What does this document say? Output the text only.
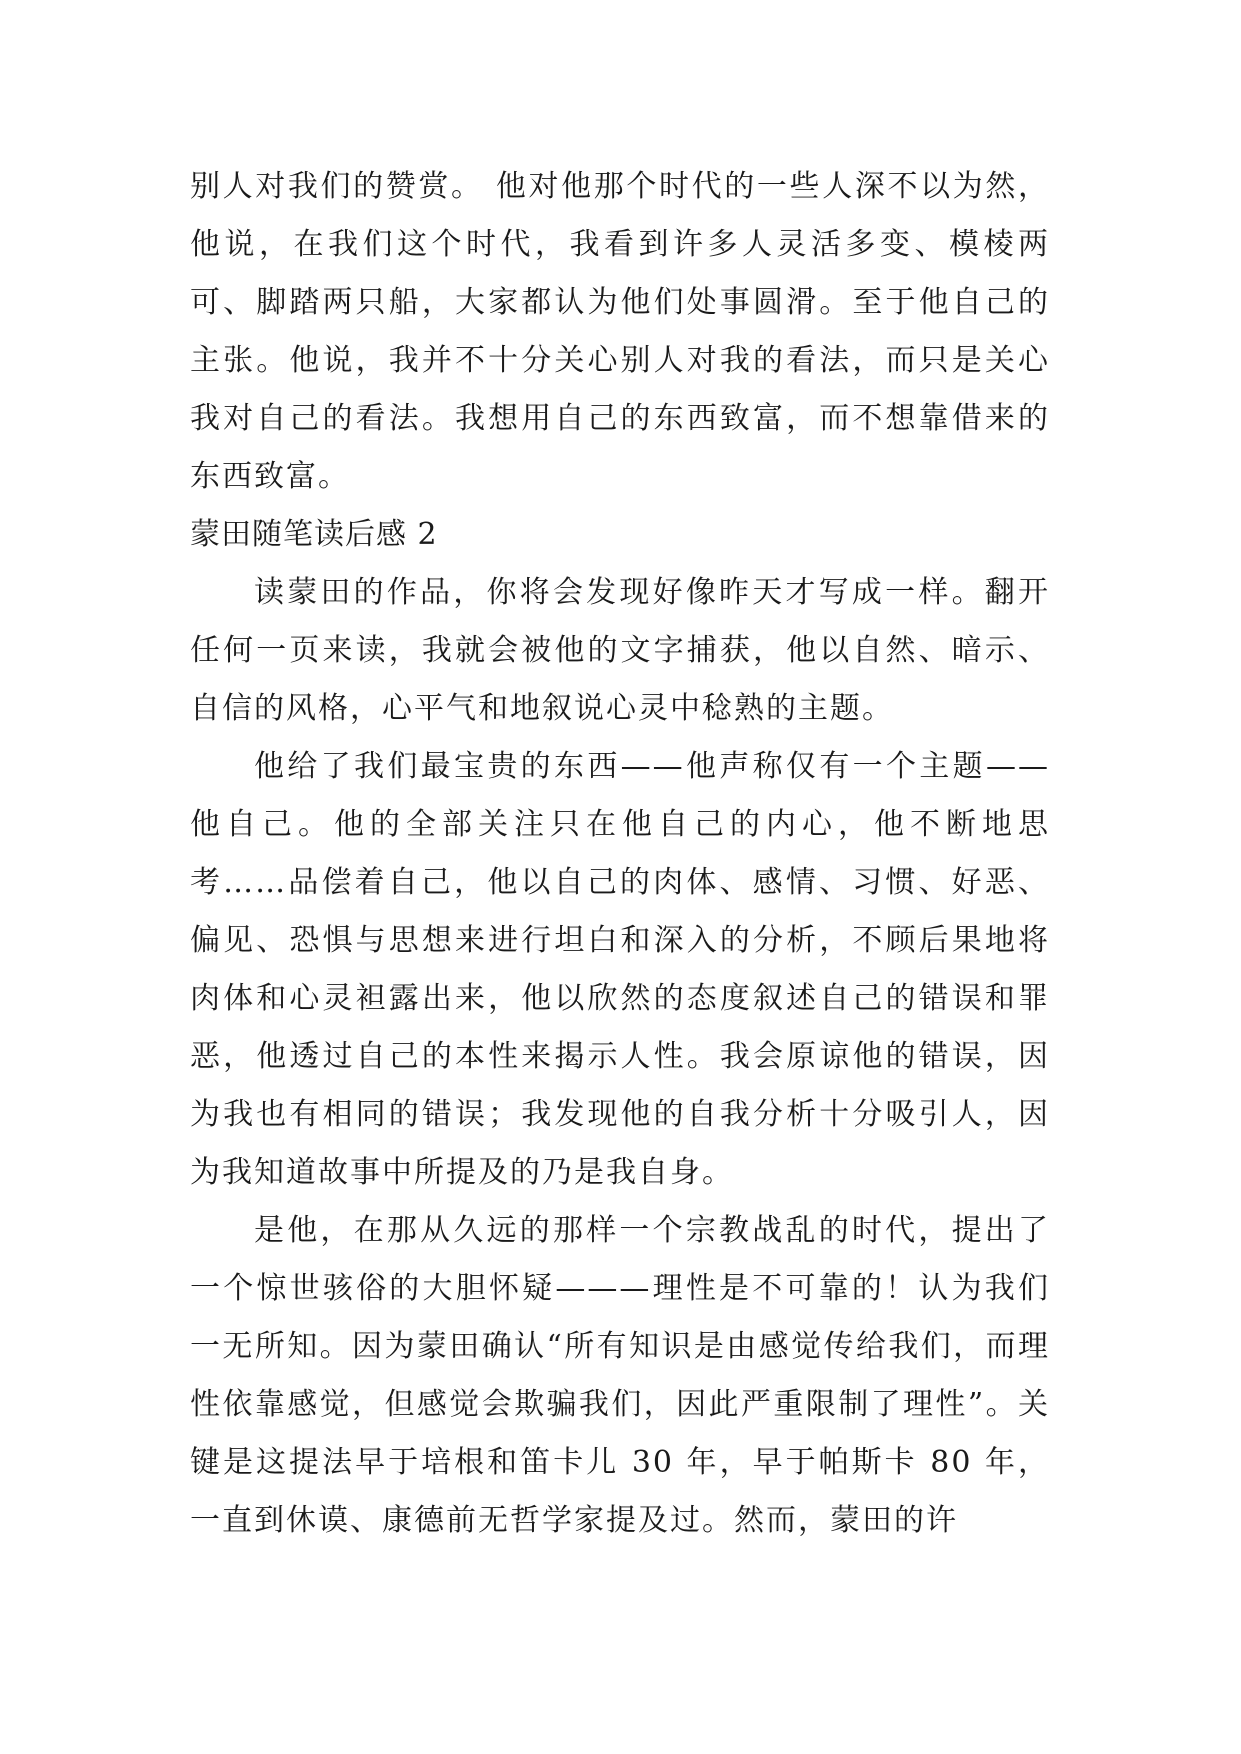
别人对我们的赞赏。 他对他那个时代的一些人深不以为然，他说，在我们这个时代，我看到许多人灵活多变、模棱两可、脚踏两只船，大家都认为他们处事圆滑。至于他自己的主张。他说，我并不十分关心别人对我的看法，而只是关心我对自己的看法。我想用自己的东西致富，而不想靠借来的东西致富。

蒙田随笔读后感 2

读蒙田的作品，你将会发现好像昨天才写成一样。翻开任何一页来读，我就会被他的文字捕获，他以自然、暗示、自信的风格，心平气和地叙说心灵中稔熟的主题。

他给了我们最宝贵的东西——他声称仅有一个主题——他自己。他的全部关注只在他自己的内心，他不断地思考……品偿着自己，他以自己的肉体、感情、习惯、好恶、偏见、恐惧与思想来进行坦白和深入的分析，不顾后果地将肉体和心灵袒露出来，他以欣然的态度叙述自己的错误和罪恶，他透过自己的本性来揭示人性。我会原谅他的错误，因为我也有相同的错误；我发现他的自我分析十分吸引人，因为我知道故事中所提及的乃是我自身。

是他，在那从久远的那样一个宗教战乱的时代，提出了一个惊世骇俗的大胆怀疑———理性是不可靠的！认为我们一无所知。因为蒙田确认“所有知识是由感觉传给我们，而理性依靠感觉，但感觉会欺骗我们，因此严重限制了理性”。关键是这提法早于培根和笛卡儿 30 年，早于帕斯卡 80 年，一直到休谟、康德前无哲学家提及过。然而，蒙田的许
